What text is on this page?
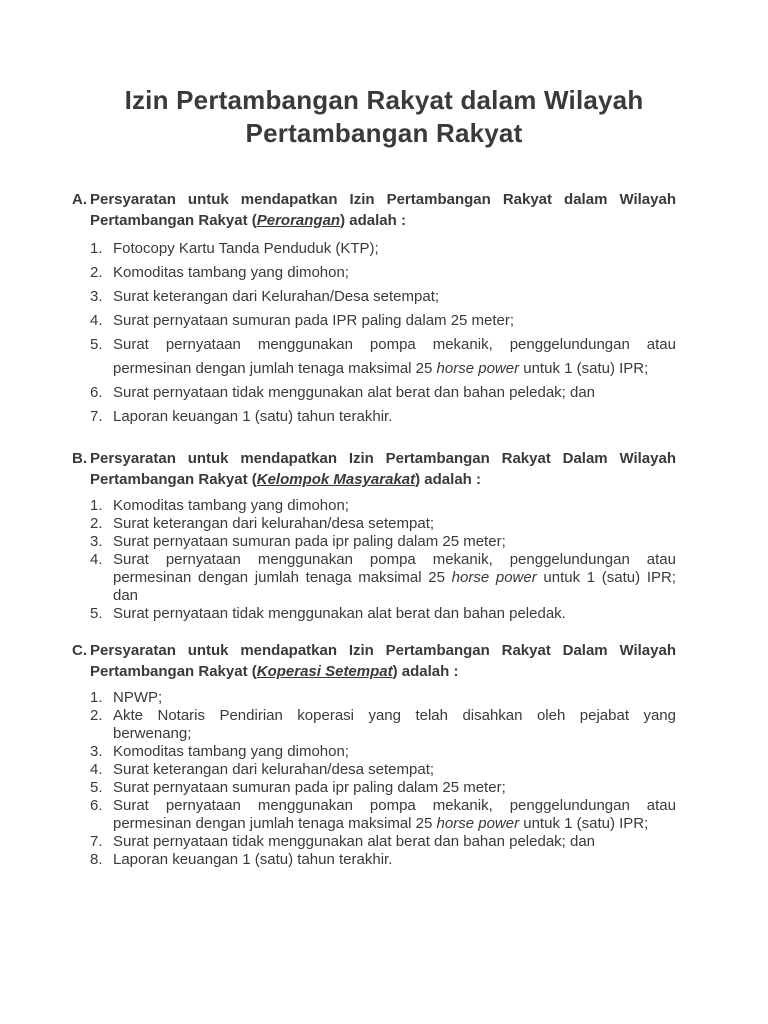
Izin Pertambangan Rakyat dalam Wilayah
Pertambangan Rakyat
A. Persyaratan untuk mendapatkan Izin Pertambangan Rakyat dalam Wilayah
Pertambangan Rakyat (Perorangan) adalah :
1. Fotocopy Kartu Tanda Penduduk (KTP);
2. Komoditas tambang yang dimohon;
3. Surat keterangan dari Kelurahan/Desa setempat;
4. Surat pernyataan sumuran pada IPR paling dalam 25 meter;
5. Surat pernyataan menggunakan pompa mekanik, penggelundungan atau
permesinan dengan jumlah tenaga maksimal 25 horse power untuk 1 (satu) IPR;
6. Surat pernyataan tidak menggunakan alat berat dan bahan peledak; dan
7. Laporan keuangan 1 (satu) tahun terakhir.
B. Persyaratan untuk mendapatkan Izin Pertambangan Rakyat Dalam Wilayah
Pertambangan Rakyat (Kelompok Masyarakat) adalah :
1. Komoditas tambang yang dimohon;
2. Surat keterangan dari kelurahan/desa setempat;
3. Surat pernyataan sumuran pada ipr paling dalam 25 meter;
4. Surat pernyataan menggunakan pompa mekanik, penggelundungan atau
permesinan dengan jumlah tenaga maksimal 25 horse power untuk 1 (satu) IPR;
dan
5. Surat pernyataan tidak menggunakan alat berat dan bahan peledak.
C. Persyaratan untuk mendapatkan Izin Pertambangan Rakyat Dalam Wilayah
Pertambangan Rakyat (Koperasi Setempat) adalah :
1. NPWP;
2. Akte Notaris Pendirian koperasi yang telah disahkan oleh pejabat yang
berwenang;
3. Komoditas tambang yang dimohon;
4. Surat keterangan dari kelurahan/desa setempat;
5. Surat pernyataan sumuran pada ipr paling dalam 25 meter;
6. Surat pernyataan menggunakan pompa mekanik, penggelundungan atau
permesinan dengan jumlah tenaga maksimal 25 horse power untuk 1 (satu) IPR;
7. Surat pernyataan tidak menggunakan alat berat dan bahan peledak; dan
8. Laporan keuangan 1 (satu) tahun terakhir.
